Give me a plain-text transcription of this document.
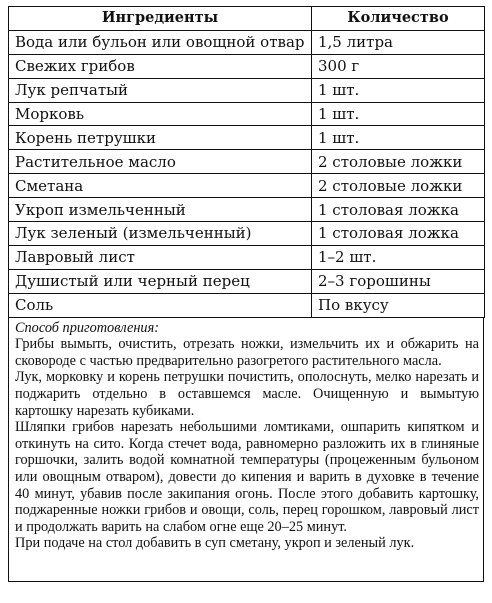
Ингредиенты	Количество
Вода или бульон или овощной отвар	1,5 литра
Свежих грибов	300 г
Лук репчатый	1 шт.
Морковь	1 шт.
Корень петрушки	1 шт.
Растительное масло	2 столовые ложки
Сметана	2 столовые ложки
Укроп измельченный	1 столовая ложка
Лук зеленый (измельченный)	1 столовая ложка
Лавровый лист	1–2 шт.
Душистый или черный перец	2–3 горошины
Соль	По вкусу
Способ приготовления:

Грибы вымыть, очистить, отрезать ножки, измельчить их и обжарить на сковороде с частью предварительно разогретого растительного масла.

Лук, морковку и корень петрушки почистить, ополоснуть, мелко нарезать и поджарить отдельно в оставшемся масле. Очищенную и вымытую картошку нарезать кубиками.

Шляпки грибов нарезать небольшими ломтиками, ошпарить кипятком и откинуть на сито. Когда стечет вода, равномерно разложить их в глиняные горшочки, залить водой комнатной температуры (процеженным бульоном или овощным отваром), довести до кипения и варить в духовке в течение 40 минут, убавив после закипания огонь. После этого добавить картошку, поджаренные ножки грибов и овощи, соль, перец горошком, лавровый лист и продолжать варить на слабом огне еще 20–25 минут.

При подаче на стол добавить в суп сметану, укроп и зеленый лук.
